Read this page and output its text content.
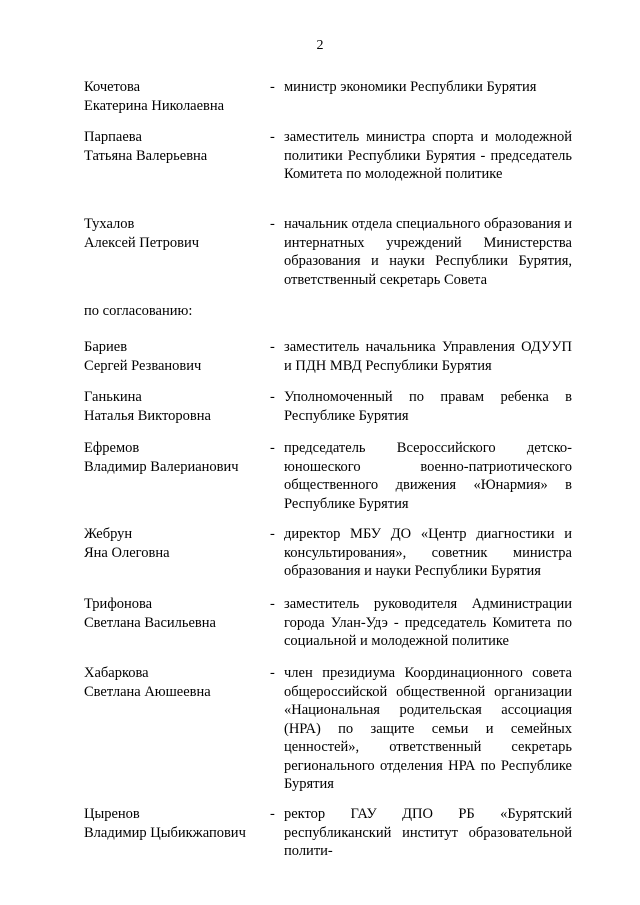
2
Кочетова
Екатерина Николаевна
- министр экономики Республики Бурятия
Парпаева
Татьяна Валерьевна
- заместитель министра спорта и молодежной политики Республики Бурятия - председатель Комитета по молодежной политике
Тухалов
Алексей Петрович
- начальник отдела специального образования и интернатных учреждений Министерства образования и науки Республики Бурятия, ответственный секретарь Совета
по согласованию:
Бариев
Сергей Резванович
- заместитель начальника Управления ОДУУП и ПДН МВД Республики Бурятия
Ганькина
Наталья Викторовна
- Уполномоченный по правам ребенка в Республике Бурятия
Ефремов
Владимир Валерианович
- председатель Всероссийского детско-юношеского военно-патриотического общественного движения «Юнармия» в Республике Бурятия
Жебрун
Яна Олеговна
- директор МБУ ДО «Центр диагностики и консультирования», советник министра образования и науки Республики Бурятия
Трифонова
Светлана Васильевна
- заместитель руководителя Администрации города Улан-Удэ - председатель Комитета по социальной и молодежной политике
Хабаркова
Светлана Аюшеевна
- член президиума Координационного совета общероссийской общественной организации «Национальная родительская ассоциация (НРА) по защите семьи и семейных ценностей», ответственный секретарь регионального отделения НРА по Республике Бурятия
Цыренов
Владимир Цыбикжапович
- ректор ГАУ ДПО РБ «Бурятский республиканский институт образовательной полити-
